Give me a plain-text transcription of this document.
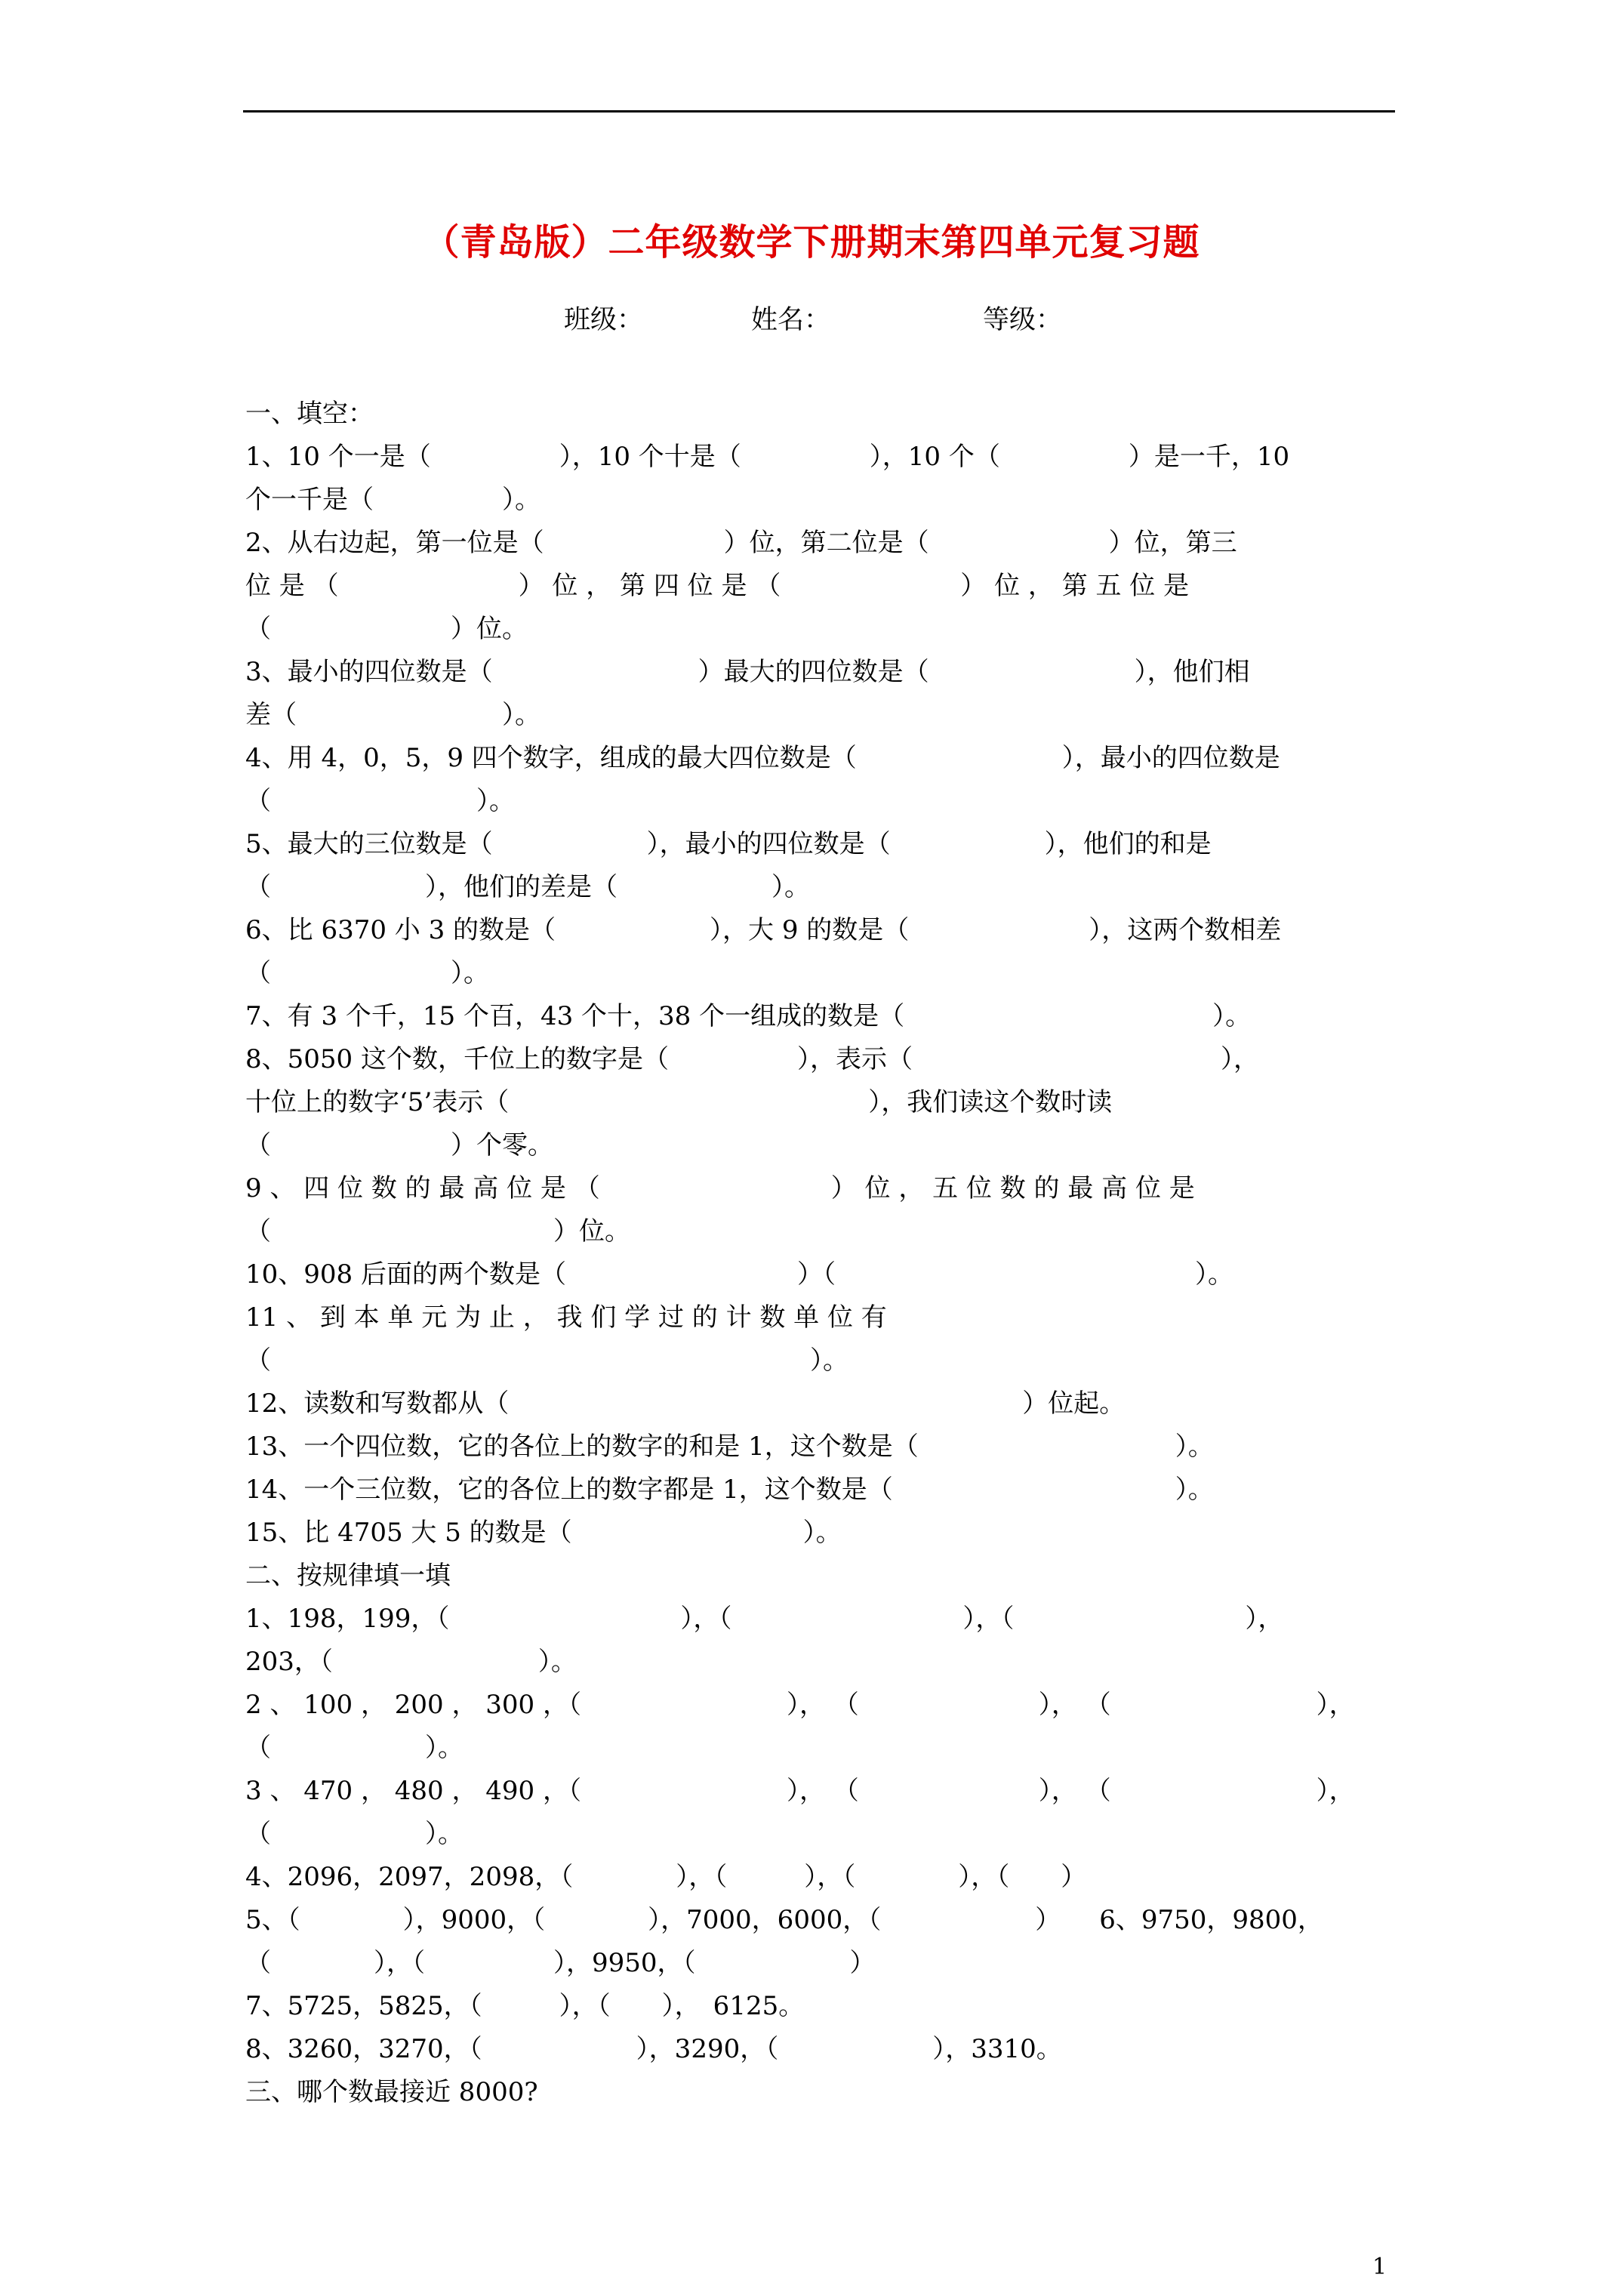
（青岛版）二年级数学下册期末第四单元复习题
班级：	姓名：	等级：
一、填空：
1、10 个一是（　　　　　），10 个十是（　　　　　），10 个（　　　　　）是一千，10
个一千是（　　　　　）。
2、从右边起，第一位是（　　　　　　　）位，第二位是（　　　　　　　）位，第三
位 是 （　　　　　　　） 位 ， 第 四 位 是 （　　　　　　　） 位 ， 第 五 位 是
（　　　　　　　）位。
3、最小的四位数是（　　　　　　　　）最大的四位数是（　　　　　　　　），他们相
差（　　　　　　　　）。
4、用 4，0，5，9 四个数字，组成的最大四位数是（　　　　　　　　），最小的四位数是
（　　　　　　　　）。
5、最大的三位数是（　　　　　　），最小的四位数是（　　　　　　），他们的和是
（　　　　　　），他们的差是（　　　　　　）。
6、比 6370 小 3 的数是（　　　　　　），大 9 的数是（　　　　　　　），这两个数相差
（　　　　　　　）。
7、有 3 个千，15 个百，43 个十，38 个一组成的数是（　　　　　　　　　　　　）。
8、5050 这个数，千位上的数字是（　　　　　），表示（　　　　　　　　　　　　），
十位上的数字‘5’表示（　　　　　　　　　　　　　　），我们读这个数时读
（　　　　　　　）个零。
9 、 四 位 数 的 最 高 位 是 （　　　　　　　　　） 位 ， 五 位 数 的 最 高 位 是
（　　　　　　　　　　　）位。
10、908 后面的两个数是（　　　　　　　　　）（　　　　　　　　　　　　　　）。
11 、 到 本 单 元 为 止 ， 我 们 学 过 的 计 数 单 位 有
（　　　　　　　　　　　　　　　　　　　　　）。
12、读数和写数都从（　　　　　　　　　　　　　　　　　　　　）位起。
13、一个四位数，它的各位上的数字的和是 1，这个数是（　　　　　　　　　　）。
14、一个三位数，它的各位上的数字都是 1，这个数是（　　　　　　　　　　　）。
15、比 4705 大 5 的数是（　　　　　　　　　）。
二、按规律填一填
1、198，199，（　　　　　　　　　），（　　　　　　　　　），（　　　　　　　　　），
203，（　　　　　　　　）。
2 、 100 ， 200 ， 300 ，（　　　　　　　　）， （　　　　　　　）， （　　　　　　　　），
（　　　　　　）。
3 、 470 ， 480 ， 490 ，（　　　　　　　　）， （　　　　　　　）， （　　　　　　　　），
（　　　　　　）。
4、2096，2097，2098，（　　　　），（　　　），（　　　　），（　　）
5、（　　　　），9000，（　　　　），7000，6000，（　　　　　　）　　6、9750，9800，
（　　　　），（　　　　　），9950，（　　　　　　）
7、5725，5825，（　　　），（　　），　6125。
8、3260，3270，（　　　　　　），3290，（　　　　　　），3310。
三、哪个数最接近 8000?
1
